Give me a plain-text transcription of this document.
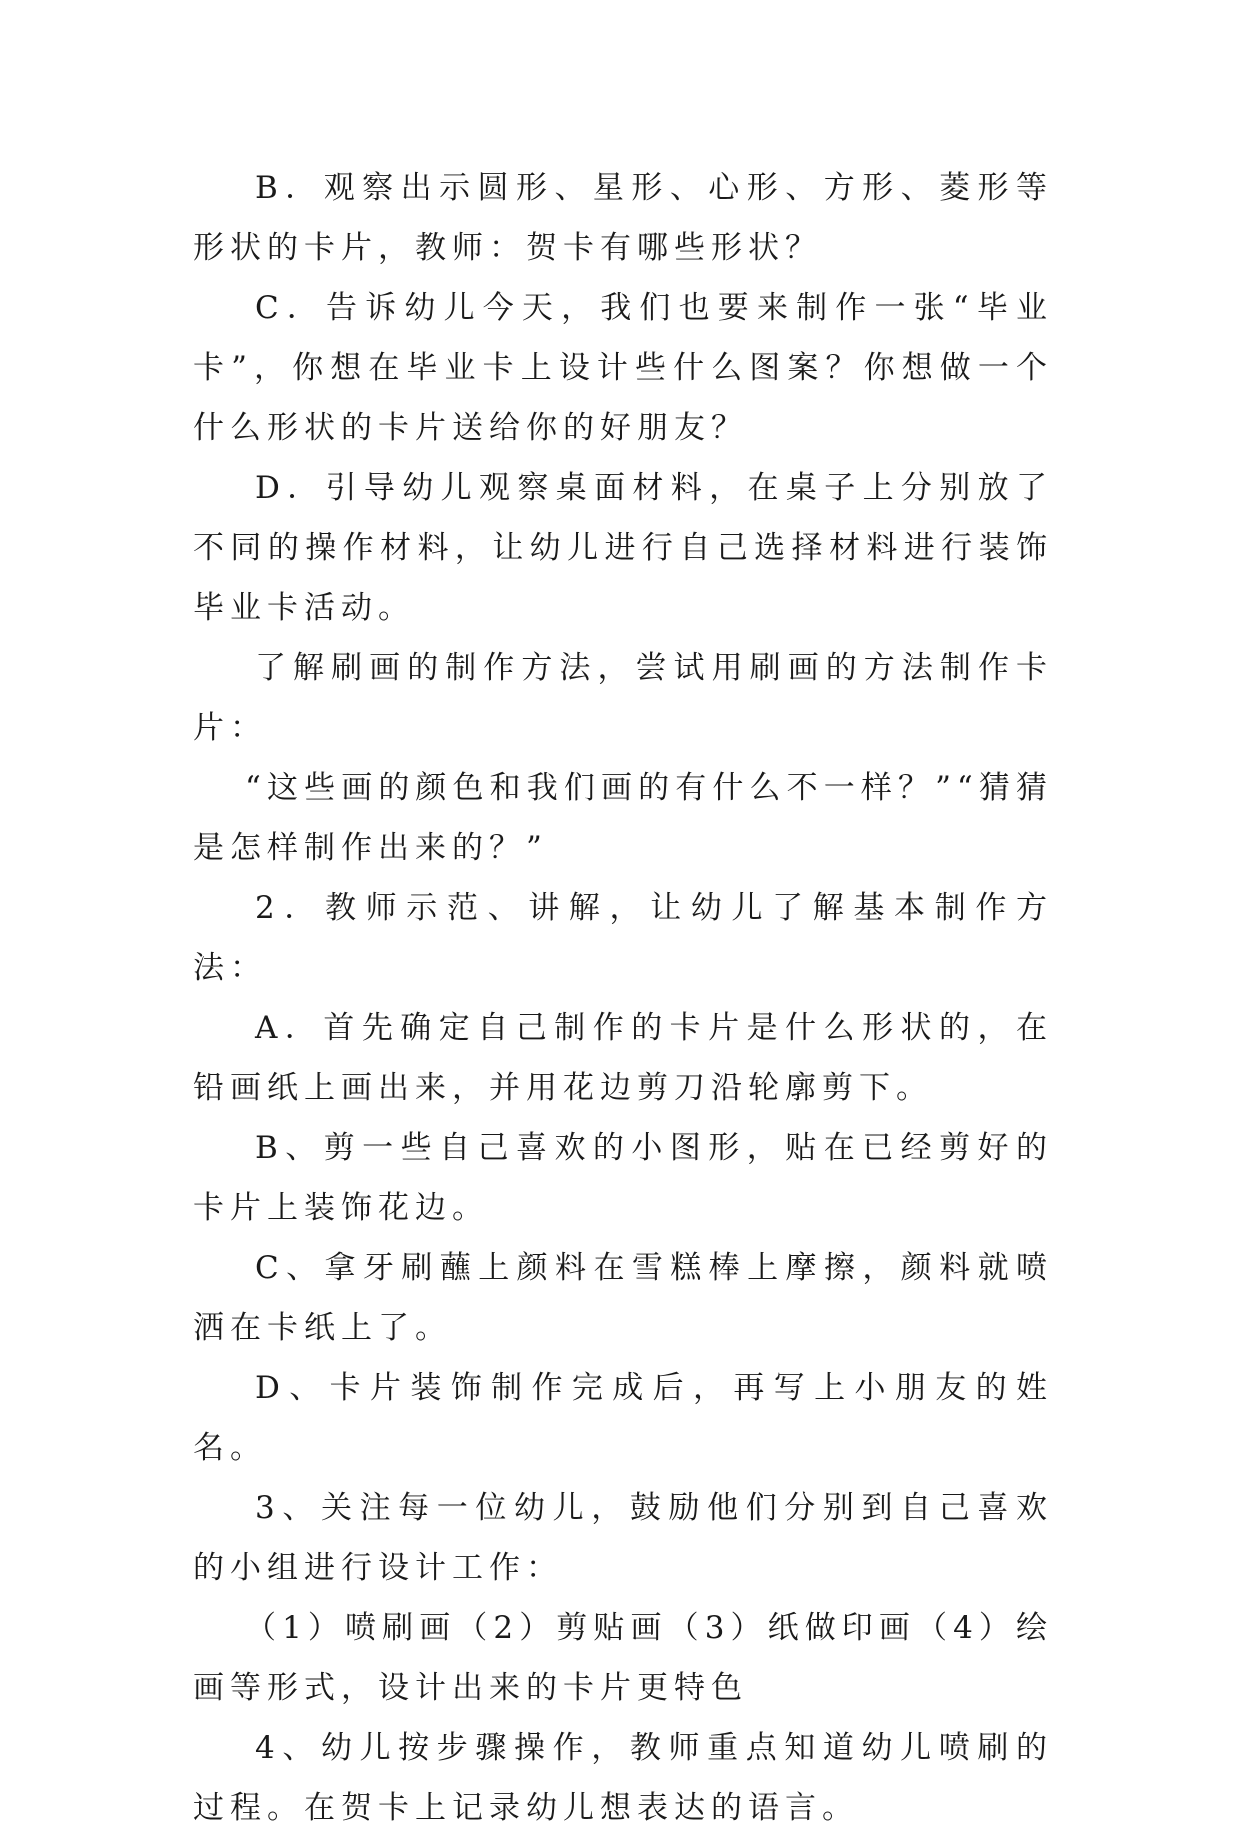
B．观察出示圆形、星形、心形、方形、菱形等形状的卡片，教师：贺卡有哪些形状？

C．告诉幼儿今天，我们也要来制作一张“毕业卡”，你想在毕业卡上设计些什么图案？你想做一个什么形状的卡片送给你的好朋友？

D．引导幼儿观察桌面材料，在桌子上分别放了不同的操作材料，让幼儿进行自己选择材料进行装饰毕业卡活动。

了解刷画的制作方法，尝试用刷画的方法制作卡片：

“这些画的颜色和我们画的有什么不一样？”“猜猜是怎样制作出来的？”

2．教师示范、讲解，让幼儿了解基本制作方法：

A．首先确定自己制作的卡片是什么形状的，在铅画纸上画出来，并用花边剪刀沿轮廓剪下。

B、剪一些自己喜欢的小图形，贴在已经剪好的卡片上装饰花边。

C、拿牙刷蘸上颜料在雪糕棒上摩擦，颜料就喷洒在卡纸上了。

D、卡片装饰制作完成后，再写上小朋友的姓名。

3、关注每一位幼儿，鼓励他们分别到自己喜欢的小组进行设计工作：

（1）喷刷画（2）剪贴画（3）纸做印画（4）绘画等形式，设计出来的卡片更特色

4、幼儿按步骤操作，教师重点知道幼儿喷刷的过程。在贺卡上记录幼儿想表达的语言。
